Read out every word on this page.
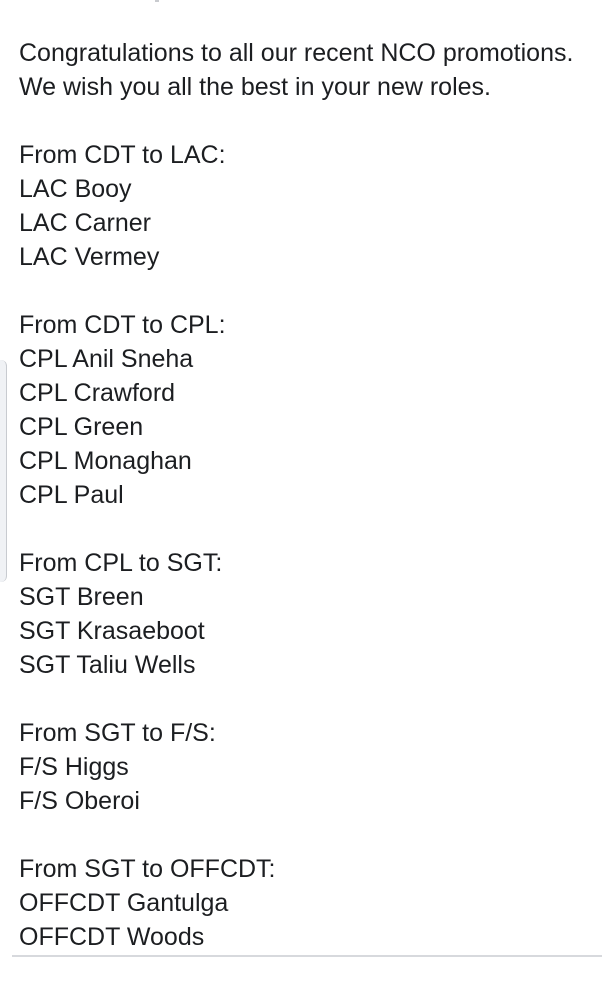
Congratulations to all our recent NCO promotions.
We wish you all the best in your new roles.
From CDT to LAC:
LAC Booy
LAC Carner
LAC Vermey
From CDT to CPL:
CPL Anil Sneha
CPL Crawford
CPL Green
CPL Monaghan
CPL Paul
From CPL to SGT:
SGT Breen
SGT Krasaeboot
SGT Taliu Wells
From SGT to F/S:
F/S Higgs
F/S Oberoi
From SGT to OFFCDT:
OFFCDT Gantulga
OFFCDT Woods
